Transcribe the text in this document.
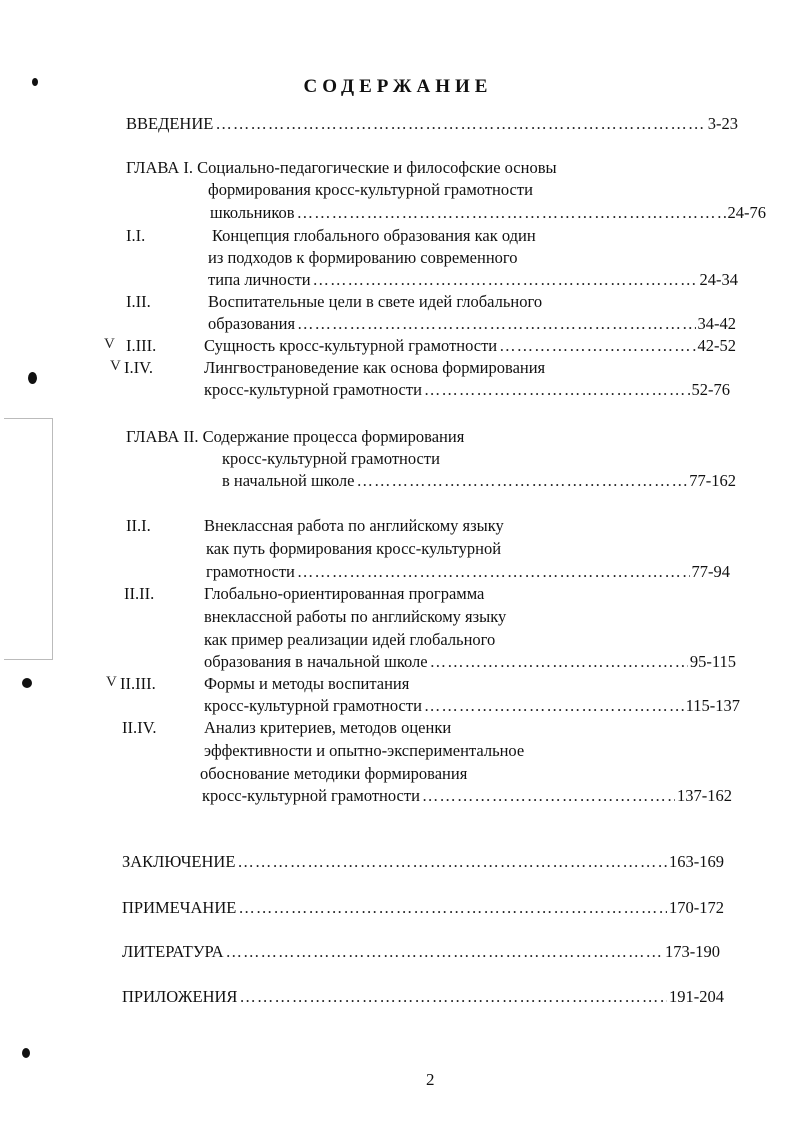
СОДЕРЖАНИЕ
ВВЕДЕНИЕ …………………………………………………………………………………………………………………………………………………	3-23
ГЛАВА I. Социально-педагогические и философские основы
формирования кросс-культурной грамотности
школьников …………………………………………………………………………………………………………………………………………………	24-76
I.I.	Концепция глобального образования как один
из подходов к формированию современного
типа личности …………………………………………………………………………………………………………………………………………………	24-34
I.II.	Воспитательные цели в свете идей глобального
образования …………………………………………………………………………………………………………………………………………………	34-42
V I.III.	Сущность кросс-культурной грамотности …………………………………………………………………………………………………………………………………………………	42-52
V I.IV.	Лингвострановедение как основа формирования
кросс-культурной грамотности …………………………………………………………………………………………………………………………………………………	52-76
ГЛАВА II. Содержание процесса формирования
кросс-культурной грамотности
в начальной школе …………………………………………………………………………………………………………………………………………………	77-162
II.I.	Внеклассная работа по английскому языку
как путь формирования кросс-культурной
грамотности …………………………………………………………………………………………………………………………………………………	77-94
II.II.	Глобально-ориентированная программа
внеклассной работы по английскому языку
как пример реализации идей глобального
образования в начальной школе …………………………………………………………………………………………………………………………………………………	95-115
V II.III.	Формы и методы воспитания
кросс-культурной грамотности …………………………………………………………………………………………………………………………………………………	115-137
II.IV.	Анализ критериев, методов оценки
эффективности и опытно-экспериментальное
обоснование методики формирования
кросс-культурной грамотности …………………………………………………………………………………………………………………………………………………	137-162
ЗАКЛЮЧЕНИЕ …………………………………………………………………………………………………………………………………………………	163-169
ПРИМЕЧАНИЕ …………………………………………………………………………………………………………………………………………………	170-172
ЛИТЕРАТУРА …………………………………………………………………………………………………………………………………………………	173-190
ПРИЛОЖЕНИЯ …………………………………………………………………………………………………………………………………………………	191-204
2
